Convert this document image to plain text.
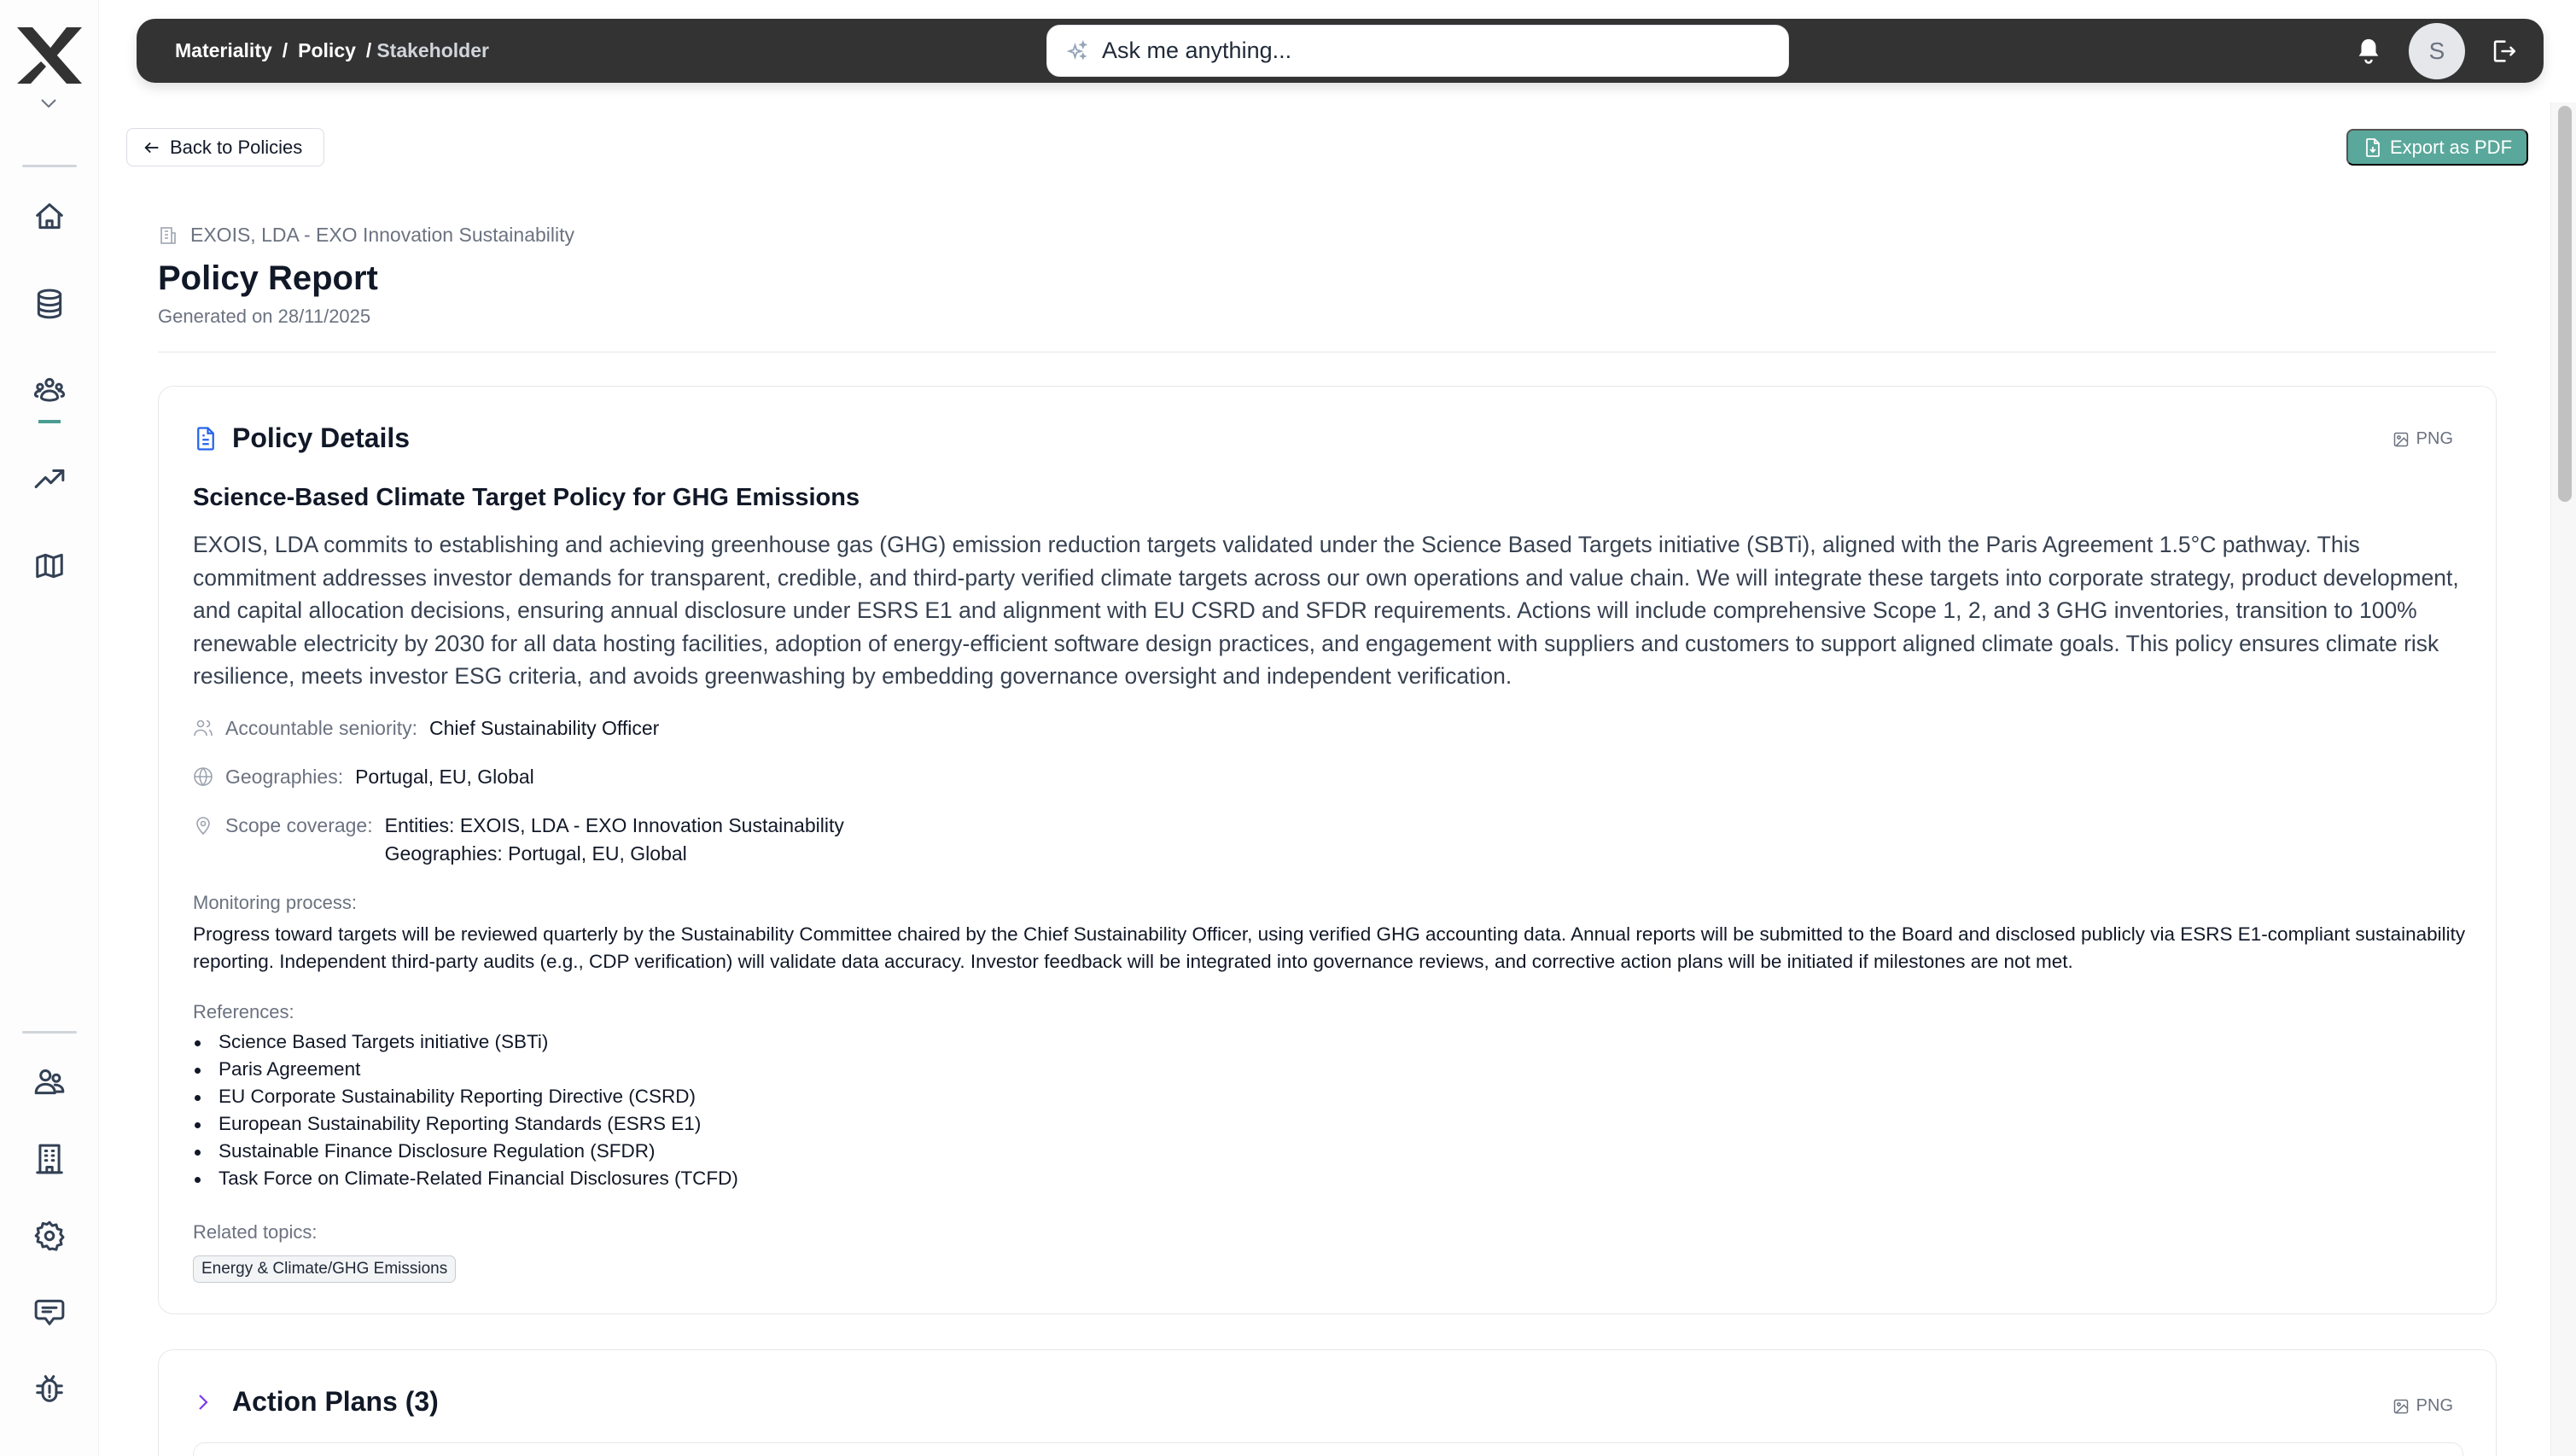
Materiality / Policy / Stakeholder
Ask me anything...	S
Back to Policies	Export as PDF
EXOIS, LDA - EXO Innovation Sustainability
Policy Report
Generated on 28/11/2025
Policy Details	PNG
Science-Based Climate Target Policy for GHG Emissions

EXOIS, LDA commits to establishing and achieving greenhouse gas (GHG) emission reduction targets validated under the Science Based Targets initiative (SBTi), aligned with the Paris Agreement 1.5°C pathway. This commitment addresses investor demands for transparent, credible, and third-party verified climate targets across our own operations and value chain. We will integrate these targets into corporate strategy, product development, and capital allocation decisions, ensuring annual disclosure under ESRS E1 and alignment with EU CSRD and SFDR requirements. Actions will include comprehensive Scope 1, 2, and 3 GHG inventories, transition to 100% renewable electricity by 2030 for all data hosting facilities, adoption of energy-efficient software design practices, and engagement with suppliers and customers to support aligned climate goals. This policy ensures climate risk resilience, meets investor ESG criteria, and avoids greenwashing by embedding governance oversight and independent verification.

Accountable seniority: Chief Sustainability Officer
Geographies: Portugal, EU, Global
Scope coverage: Entities: EXOIS, LDA - EXO Innovation Sustainability
Geographies: Portugal, EU, Global
Monitoring process:

Progress toward targets will be reviewed quarterly by the Sustainability Committee chaired by the Chief Sustainability Officer, using verified GHG accounting data. Annual reports will be submitted to the Board and disclosed publicly via ESRS E1-compliant sustainability reporting. Independent third-party audits (e.g., CDP verification) will validate data accuracy. Investor feedback will be integrated into governance reviews, and corrective action plans will be initiated if milestones are not met.

References:
Science Based Targets initiative (SBTi)
Paris Agreement
EU Corporate Sustainability Reporting Directive (CSRD)
European Sustainability Reporting Standards (ESRS E1)
Sustainable Finance Disclosure Regulation (SFDR)
Task Force on Climate-Related Financial Disclosures (TCFD)
Related topics:
Energy & Climate/GHG Emissions
Action Plans (3)	PNG
